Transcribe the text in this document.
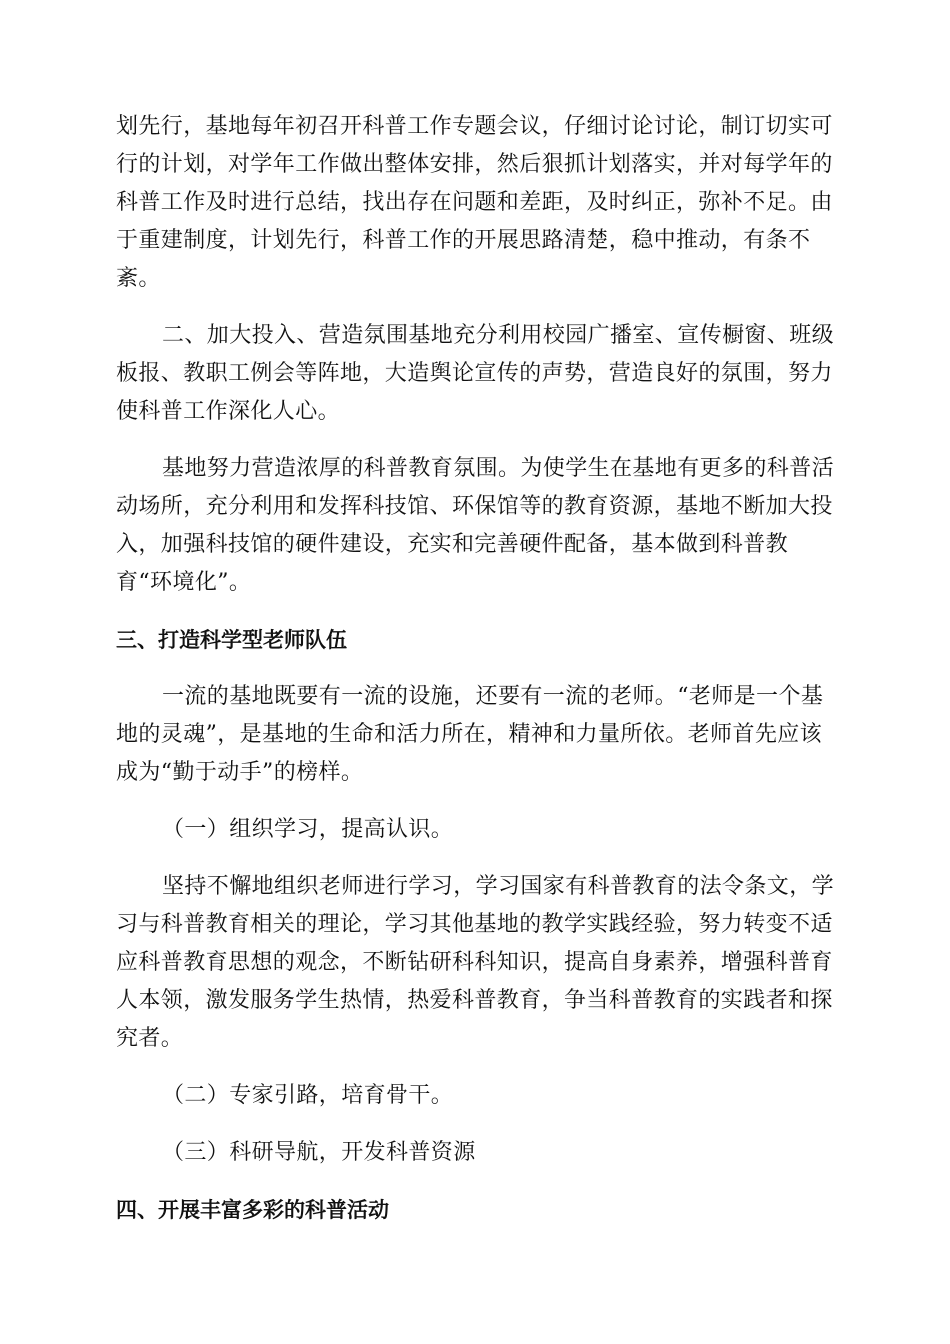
划先行，基地每年初召开科普工作专题会议，仔细讨论讨论，制订切实可
行的计划，对学年工作做出整体安排，然后狠抓计划落实，并对每学年的
科普工作及时进行总结，找出存在问题和差距，及时纠正，弥补不足。由
于重建制度，计划先行，科普工作的开展思路清楚，稳中推动，有条不
紊。
二、加大投入、营造氛围基地充分利用校园广播室、宣传橱窗、班级
板报、教职工例会等阵地，大造舆论宣传的声势，营造良好的氛围，努力
使科普工作深化人心。
基地努力营造浓厚的科普教育氛围。为使学生在基地有更多的科普活
动场所，充分利用和发挥科技馆、环保馆等的教育资源，基地不断加大投
入，加强科技馆的硬件建设，充实和完善硬件配备，基本做到科普教
育“环境化”。
三、打造科学型老师队伍
一流的基地既要有一流的设施，还要有一流的老师。“老师是一个基
地的灵魂”，是基地的生命和活力所在，精神和力量所依。老师首先应该
成为“勤于动手”的榜样。
（一）组织学习，提高认识。
坚持不懈地组织老师进行学习，学习国家有科普教育的法令条文，学
习与科普教育相关的理论，学习其他基地的教学实践经验，努力转变不适
应科普教育思想的观念，不断钻研科科知识，提高自身素养，增强科普育
人本领，激发服务学生热情，热爱科普教育，争当科普教育的实践者和探
究者。
（二）专家引路，培育骨干。
（三）科研导航，开发科普资源
四、开展丰富多彩的科普活动
